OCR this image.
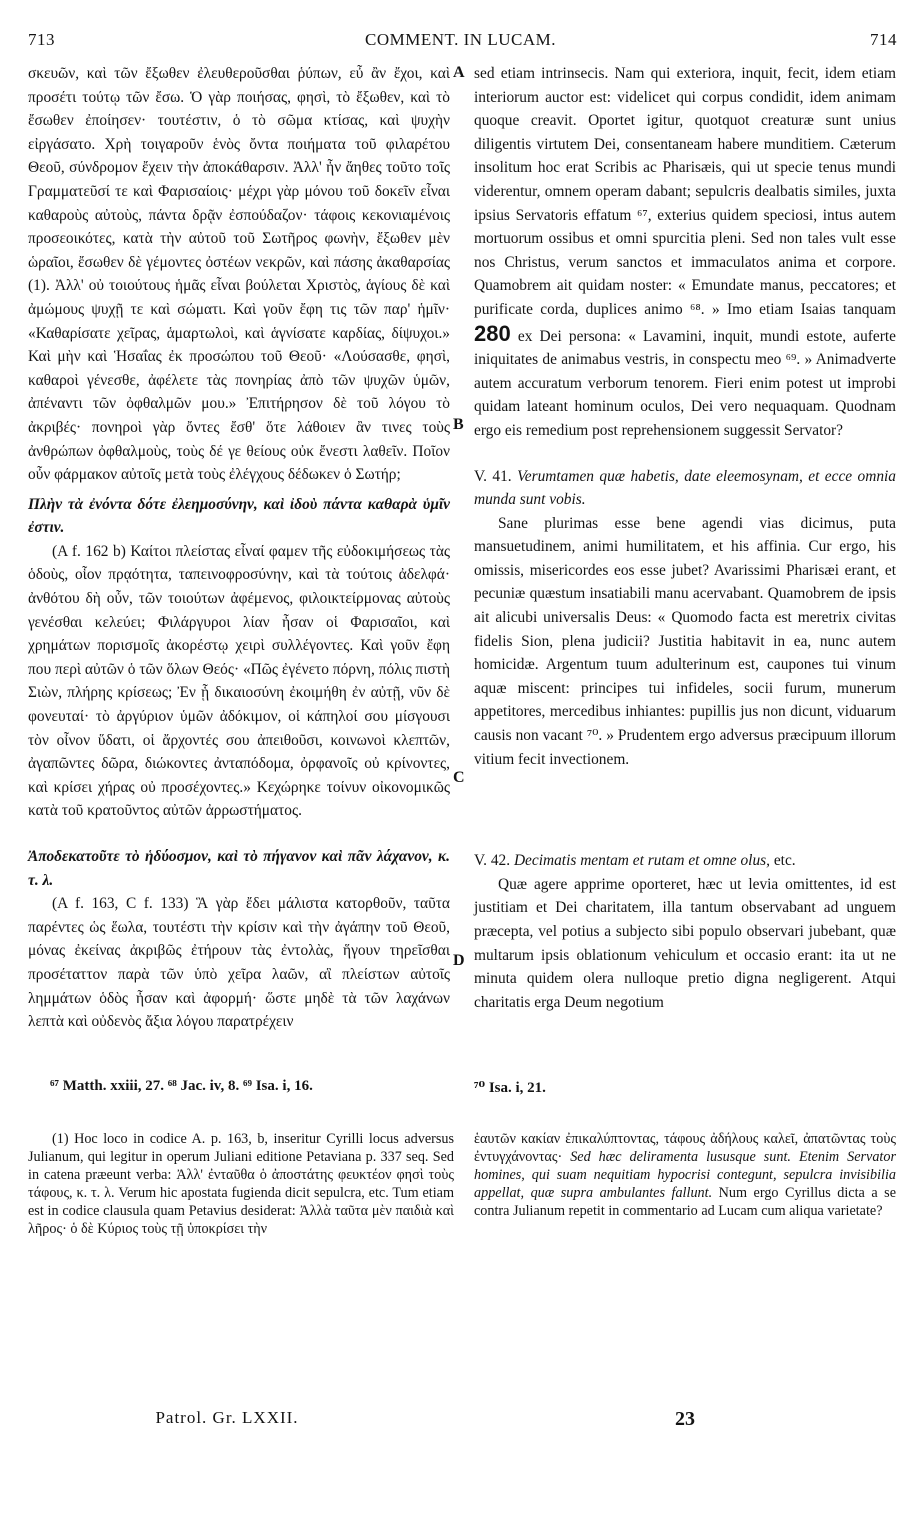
713	COMMENT. IN LUCAM.	714
A
B
C
D

σκευῶν, καὶ τῶν ἔξωθεν ἐλευθεροῦσθαι ῥύπων, εὖ ἂν ἔχοι, καὶ προσέτι τούτῳ τῶν ἔσω. Ὁ γὰρ ποιήσας, φησὶ, τὸ ἔξωθεν, καὶ τὸ ἔσωθεν ἐποίησεν· τουτέστιν, ὁ τὸ σῶμα κτίσας, καὶ ψυχὴν εἰργάσατο. Χρὴ τοιγαροῦν ἑνὸς ὄντα ποιήματα τοῦ φιλαρέτου Θεοῦ, σύνδρομον ἔχειν τὴν ἀποκάθαρσιν. Ἀλλ' ἦν ἄηθες τοῦτο τοῖς Γραμματεῦσί τε καὶ Φαρισαίοις· μέχρι γὰρ μόνου τοῦ δοκεῖν εἶναι καθαροὺς αὐτοὺς, πάντα δρᾷν ἐσπούδαζον· τάφοις κεκονιαμένοις προσεοικότες, κατὰ τὴν αὐτοῦ τοῦ Σωτῆρος φωνὴν, ἔξωθεν μὲν ὡραῖοι, ἔσωθεν δὲ γέμοντες ὀστέων νεκρῶν, καὶ πάσης ἀκαθαρσίας (1). Ἀλλ' οὐ τοιούτους ἡμᾶς εἶναι βούλεται Χριστὸς, ἁγίους δὲ καὶ ἀμώμους ψυχῇ τε καὶ σώματι. Καὶ γοῦν ἔφη τις τῶν παρ' ἡμῖν· «Καθαρίσατε χεῖρας, ἁμαρτωλοὶ, καὶ ἁγνίσατε καρδίας, δίψυχοι.» Καὶ μὴν καὶ Ἡσαΐας ἐκ προσώπου τοῦ Θεοῦ· «Λούσασθε, φησὶ, καθαροὶ γένεσθε, ἀφέλετε τὰς πονηρίας ἀπὸ τῶν ψυχῶν ὑμῶν, ἀπέναντι τῶν ὀφθαλμῶν μου.» Ἐπιτήρησον δὲ τοῦ λόγου τὸ ἀκριβές· πονηροὶ γὰρ ὄντες ἔσθ' ὅτε λάθοιεν ἂν τινες τοὺς ἀνθρώπων ὀφθαλμοὺς, τοὺς δέ γε θείους οὐκ ἔνεστι λαθεῖν. Ποῖον οὖν φάρμακον αὐτοῖς μετὰ τοὺς ἐλέγχους δέδωκεν ὁ Σωτήρ;

Πλὴν τὰ ἐνόντα δότε ἐλεημοσύνην, καὶ ἰδοὺ πάντα καθαρὰ ὑμῖν ἐστιν.

(A f. 162 b) Καίτοι πλείστας εἶναί φαμεν τῆς εὐδοκιμήσεως τὰς ὁδοὺς, οἷον πρᾳότητα, ταπεινοφροσύνην, καὶ τὰ τούτοις ἀδελφά· ἀνθότου δὴ οὖν, τῶν τοιούτων ἀφέμενος, φιλοικτείρμονας αὐτοὺς γενέσθαι κελεύει; Φιλάργυροι λίαν ἦσαν οἱ Φαρισαῖοι, καὶ χρημάτων πορισμοῖς ἀκορέστῳ χειρὶ συλλέγοντες. Καὶ γοῦν ἔφη που περὶ αὐτῶν ὁ τῶν ὅλων Θεός· «Πῶς ἐγένετο πόρνη, πόλις πιστὴ Σιὼν, πλήρης κρίσεως; Ἐν ᾗ δικαιοσύνη ἐκοιμήθη ἐν αὐτῇ, νῦν δὲ φονευταί· τὸ ἀργύριον ὑμῶν ἀδόκιμον, οἱ κάπηλοί σου μίσγουσι τὸν οἶνον ὕδατι, οἱ ἄρχοντές σου ἀπειθοῦσι, κοινωνοὶ κλεπτῶν, ἀγαπῶντες δῶρα, διώκοντες ἀνταπόδομα, ὀρφανοῖς οὐ κρίνοντες, καὶ κρίσει χήρας οὐ προσέχοντες.» Κεχώρηκε τοίνυν οἰκονομικῶς κατὰ τοῦ κρατοῦντος αὐτῶν ἀρρωστήματος.

Ἀποδεκατοῦτε τὸ ἡδύοσμον, καὶ τὸ πήγανον καὶ πᾶν λάχανον, κ. τ. λ.

(A f. 163, C f. 133) Ἃ γὰρ ἔδει μάλιστα κατορθοῦν, ταῦτα παρέντες ὡς ἕωλα, τουτέστι τὴν κρίσιν καὶ τὴν ἀγάπην τοῦ Θεοῦ, μόνας ἐκείνας ἀκριβῶς ἐτήρουν τὰς ἐντολὰς, ἥγουν τηρεῖσθαι προσέταττον παρὰ τῶν ὑπὸ χεῖρα λαῶν, αἳ πλείστων αὐτοῖς λημμάτων ὁδὸς ἦσαν καὶ ἀφορμή· ὥστε μηδὲ τὰ τῶν λαχάνων λεπτὰ καὶ οὐδενὸς ἄξια λόγου παρατρέχειν

sed etiam intrinsecis. Nam qui exteriora, inquit, fecit, idem etiam interiorum auctor est: videlicet qui corpus condidit, idem animam quoque creavit. Oportet igitur, quotquot creaturæ sunt unius diligentis virtutem Dei, consentaneam habere munditiem. Cæterum insolitum hoc erat Scribis ac Pharisæis, qui ut specie tenus mundi viderentur, omnem operam dabant; sepulcris dealbatis similes, juxta ipsius Servatoris effatum ⁶⁷, exterius quidem speciosi, intus autem mortuorum ossibus et omni spurcitia pleni. Sed non tales vult esse nos Christus, verum sanctos et immaculatos anima et corpore. Quamobrem ait quidam noster: « Emundate manus, peccatores; et purificate corda, duplices animo ⁶⁸. » Imo etiam Isaias tanquam 280 ex Dei persona: « Lavamini, inquit, mundi estote, auferte iniquitates de animabus vestris, in conspectu meo ⁶⁹. » Animadverte autem accuratum verborum tenorem. Fieri enim potest ut improbi quidam lateant hominum oculos, Dei vero nequaquam. Quodnam ergo eis remedium post reprehensionem suggessit Servator?

V. 41. Verumtamen quæ habetis, date eleemosynam, et ecce omnia munda sunt vobis.

Sane plurimas esse bene agendi vias dicimus, puta mansuetudinem, animi humilitatem, et his affinia. Cur ergo, his omissis, misericordes eos esse jubet? Avarissimi Pharisæi erant, et pecuniæ quæstum insatiabili manu acervabant. Quamobrem de ipsis ait alicubi universalis Deus: « Quomodo facta est meretrix civitas fidelis Sion, plena judicii? Justitia habitavit in ea, nunc autem homicidæ. Argentum tuum adulterinum est, caupones tui vinum aquæ miscent: principes tui infideles, socii furum, munerum appetitores, mercedibus inhiantes: pupillis jus non dicunt, viduarum causis non vacant ⁷⁰. » Prudentem ergo adversus præcipuum illorum vitium fecit invectionem.

V. 42. Decimatis mentam et rutam et omne olus, etc.

Quæ agere apprime oporteret, hæc ut levia omittentes, id est justitiam et Dei charitatem, illa tantum observabant ad unguem præcepta, vel potius a subjecto sibi populo observari jubebant, quæ multarum ipsis oblationum vehiculum et occasio erant: ita ut ne minuta quidem olera nulloque pretio digna negligerent. Atqui charitatis erga Deum negotium

⁶⁷ Matth. xxiii, 27. ⁶⁸ Jac. iv, 8. ⁶⁹ Isa. i, 16.	⁷⁰ Isa. i, 21.

(1) Hoc loco in codice A. p. 163, b, inseritur Cyrilli locus adversus Julianum, qui legitur in operum Juliani editione Petaviana p. 337 seq. Sed in catena præeunt verba: Ἀλλ' ἐνταῦθα ὁ ἀποστάτης φευκτέον φησὶ τοὺς τάφους, κ. τ. λ. Verum hic apostata fugienda dicit sepulcra, etc. Tum etiam est in codice clausula quam Petavius desiderat: Ἀλλὰ ταῦτα μὲν παιδιὰ καὶ λῆρος· ὁ δὲ Κύριος τοὺς τῇ ὑποκρίσει τὴν

ἑαυτῶν κακίαν ἐπικαλύπτοντας, τάφους ἀδήλους καλεῖ, ἀπατῶντας τοὺς ἐντυγχάνοντας· Sed hæc deliramenta lususque sunt. Etenim Servator homines, qui suam nequitiam hypocrisi contegunt, sepulcra invisibilia appellat, quæ supra ambulantes fallunt. Num ergo Cyrillus dicta a se contra Julianum repetit in commentario ad Lucam cum aliqua varietate?

Patrol. Gr. LXXII.	23
